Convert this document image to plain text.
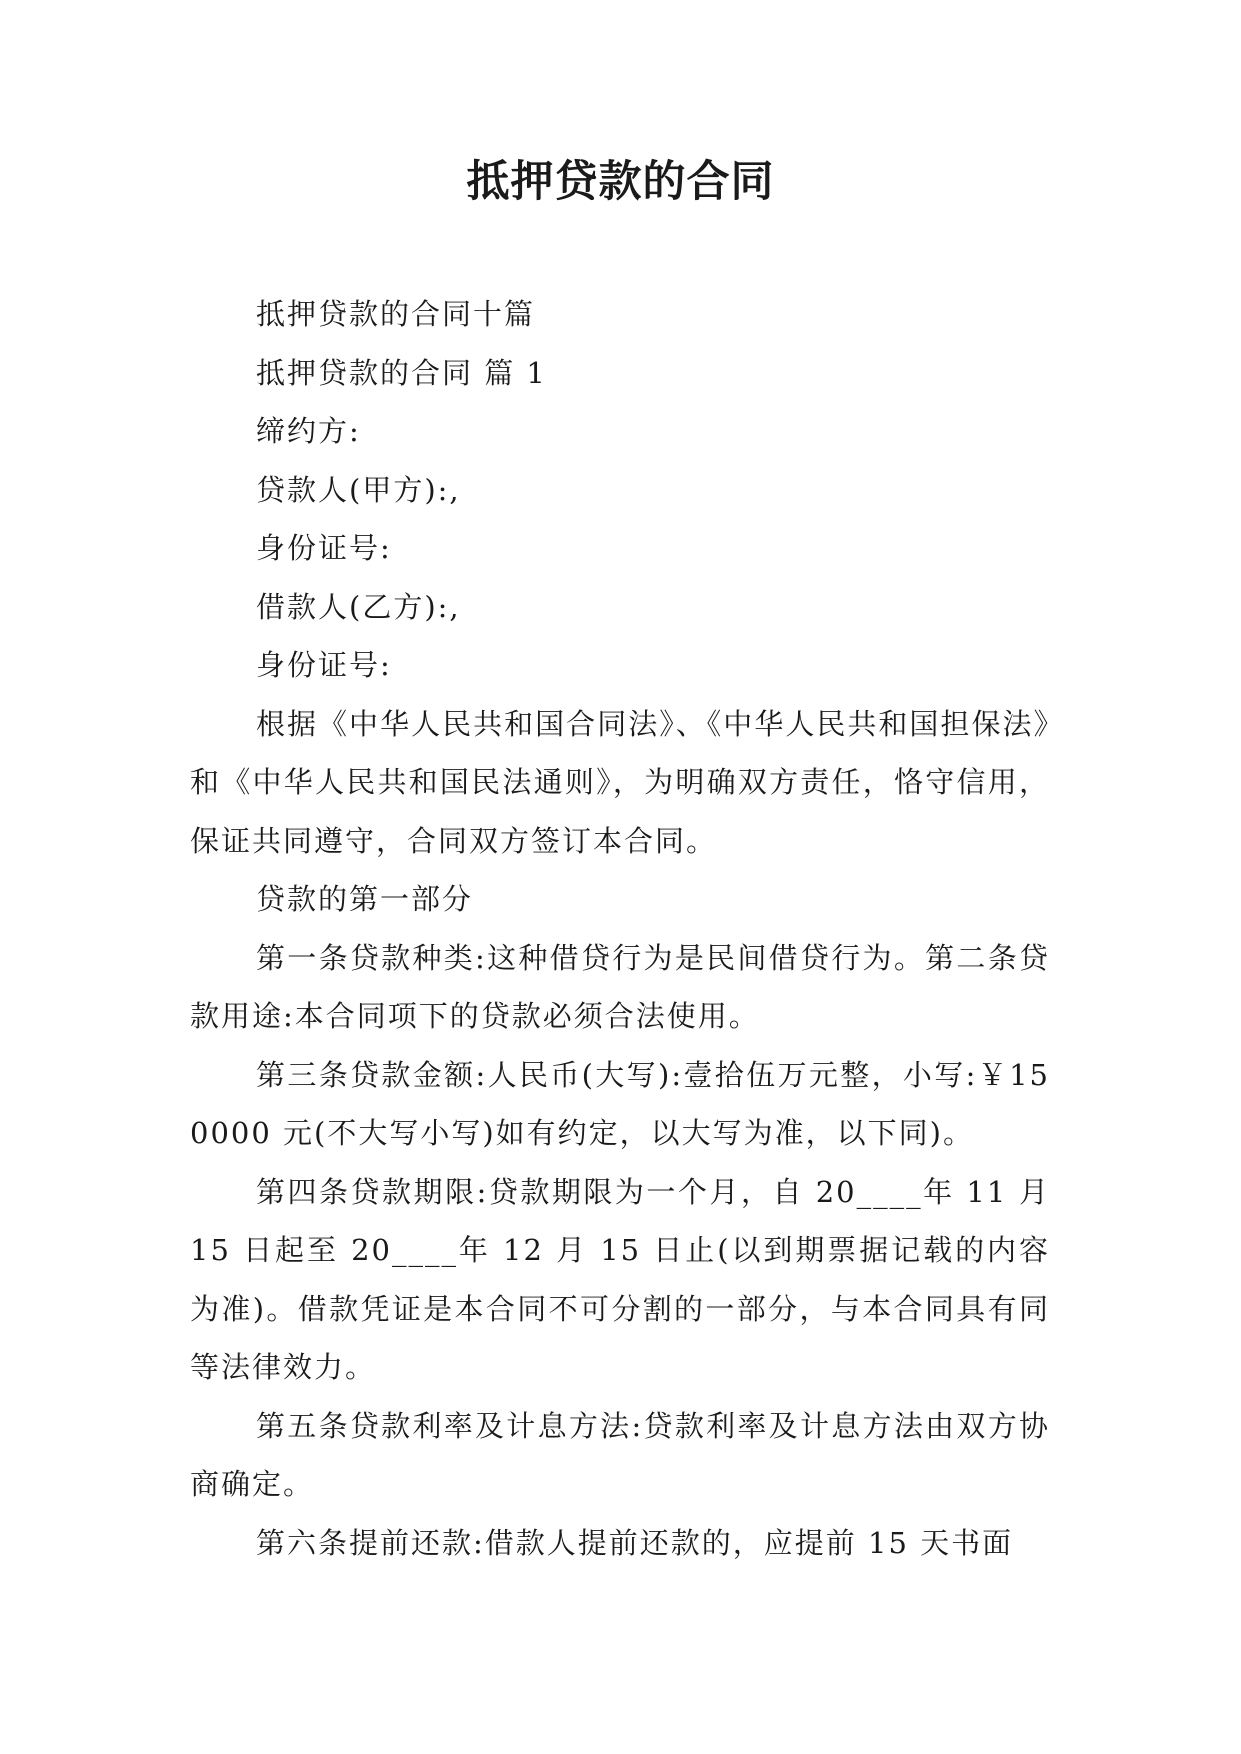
抵押贷款的合同

抵押贷款的合同十篇

抵押贷款的合同 篇 1

缔约方:

贷款人(甲方):,

身份证号:

借款人(乙方):,

身份证号:

根据《中华人民共和国合同法》、《中华人民共和国担保法》和《中华人民共和国民法通则》，为明确双方责任，恪守信用，保证共同遵守，合同双方签订本合同。

贷款的第一部分

第一条贷款种类:这种借贷行为是民间借贷行为。第二条贷款用途:本合同项下的贷款必须合法使用。

第三条贷款金额:人民币(大写):壹拾伍万元整，小写:￥150000 元(不大写小写)如有约定，以大写为准，以下同)。

第四条贷款期限:贷款期限为一个月，自 20____年 11 月 15 日起至 20____年 12 月 15 日止(以到期票据记载的内容为准)。借款凭证是本合同不可分割的一部分，与本合同具有同等法律效力。

第五条贷款利率及计息方法:贷款利率及计息方法由双方协商确定。

第六条提前还款:借款人提前还款的，应提前 15 天书面
